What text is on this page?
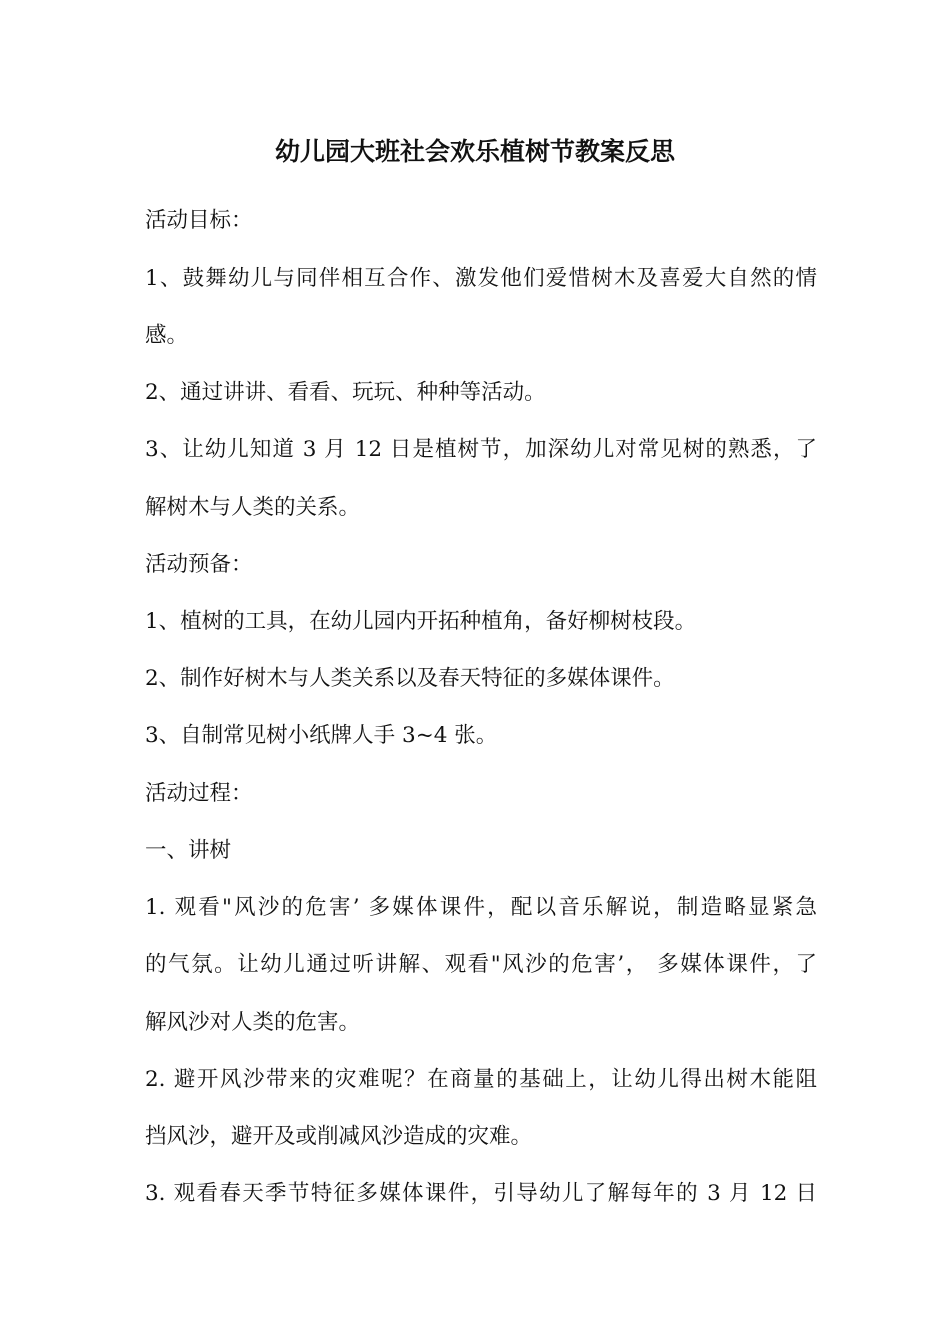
幼儿园大班社会欢乐植树节教案反思

活动目标：

1、鼓舞幼儿与同伴相互合作、激发他们爱惜树木及喜爱大自然的情

感。

2、通过讲讲、看看、玩玩、种种等活动。

3、让幼儿知道 3 月 12 日是植树节，加深幼儿对常见树的熟悉，了

解树木与人类的关系。

活动预备：

1、植树的工具，在幼儿园内开拓种植角，备好柳树枝段。

2、制作好树木与人类关系以及春天特征的多媒体课件。

3、自制常见树小纸牌人手 3~4 张。

活动过程：

一、讲树

1. 观看"风沙的危害’ 多媒体课件，配以音乐解说，制造略显紧急

的气氛。让幼儿通过听讲解、观看"风沙的危害’， 多媒体课件，了

解风沙对人类的危害。

2. 避开风沙带来的灾难呢？在商量的基础上，让幼儿得出树木能阻

挡风沙，避开及或削减风沙造成的灾难。

3. 观看春天季节特征多媒体课件，引导幼儿了解每年的 3 月 12 日
